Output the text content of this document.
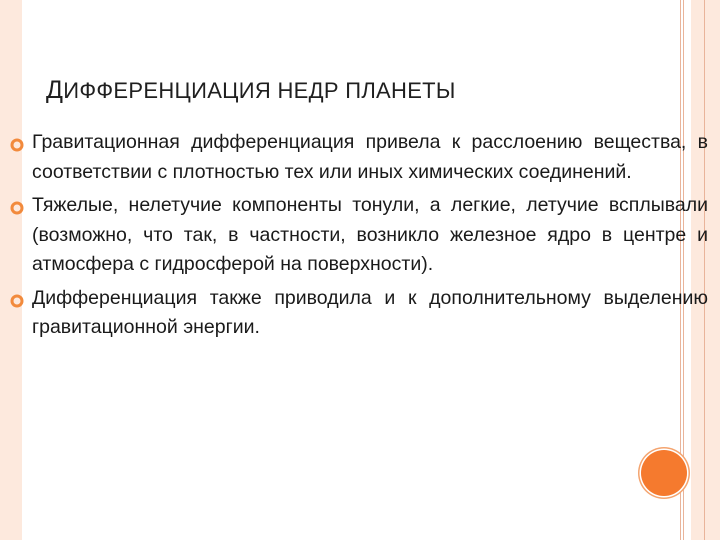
ДИФФЕРЕНЦИАЦИЯ НЕДР ПЛАНЕТЫ
Гравитационная дифференциация привела к расслоению вещества, в соответствии с плотностью тех или иных химических соединений.
Тяжелые, нелетучие компоненты тонули, а легкие, летучие всплывали (возможно, что так, в частности, возникло железное ядро в центре и атмосфера с гидросферой на поверхности).
Дифференциация также приводила и к дополнительному выделению гравитационной энергии.
